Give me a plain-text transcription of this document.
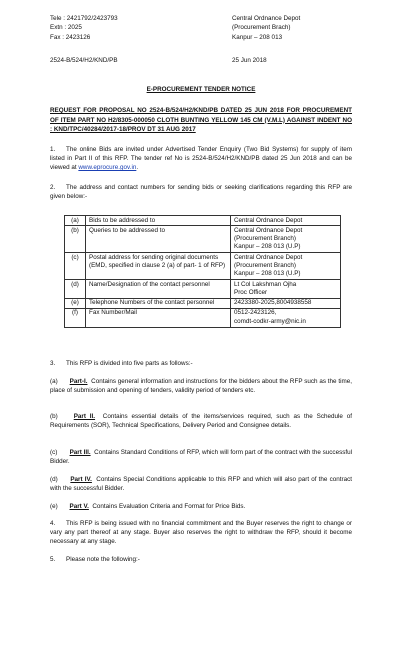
Tele : 2421792/2423793
Extn : 2025
Fax : 2423126
Central Ordnance Depot
(Procurement Brach)
Kanpur – 208 013
2524-B/524/H2/KND/PB	25 Jun 2018
E-PROCUREMENT TENDER NOTICE
REQUEST FOR PROPOSAL NO 2524-B/524/H2/KND/PB DATED 25 JUN 2018 FOR PROCUREMENT OF ITEM PART NO H2/8305-000050 CLOTH BUNTING YELLOW 145 CM (V.M.L) AGAINST INDENT NO : KND/TPC/40284/2017-18/PROV DT 31 AUG 2017
1. The online Bids are invited under Advertised Tender Enquiry (Two Bid Systems) for supply of item listed in Part II of this RFP. The tender ref No is 2524-B/524/H2/KND/PB dated 25 Jun 2018 and can be viewed at www.eprocure.gov.in.
2. The address and contact numbers for sending bids or seeking clarifications regarding this RFP are given below:-
(a)	Bids to be addressed to	Central Ordnance Depot

(b)	Queries to be addressed to	Central Ordnance Depot
(Procurement Branch)
Kanpur – 208 013 (U.P)

(c)	Postal address for sending original documents (EMD, specified in clause 2 (a) of part- 1 of RFP)	Central Ordnance Depot
(Procurement Branch)
Kanpur – 208 013 (U.P)

(d)	Name/Designation of the contact personnel	Lt Col Lakshman Ojha
Proc Officer

(e)	Telephone Numbers of the contact personnel	2423380-2025,8004938558

(f)	Fax Number/Mail	0512-2423126,
comdt-codkr-army@nic.in
3. This RFP is divided into five parts as follows:-
(a) Part-I. Contains general information and instructions for the bidders about the RFP such as the time, place of submission and opening of tenders, validity period of tenders etc.
(b)	Part II. Contains essential details of the items/services required, such as the Schedule of Requirements (SOR), Technical Specifications, Delivery Period and Consignee details.
(c) Part III. Contains Standard Conditions of RFP, which will form part of the contract with the successful Bidder.
(d) Part IV. Contains Special Conditions applicable to this RFP and which will also part of the contract with the successful Bidder.
(e) Part V. Contains Evaluation Criteria and Format for Price Bids.
4. This RFP is being issued with no financial commitment and the Buyer reserves the right to change or vary any part thereof at any stage. Buyer also reserves the right to withdraw the RFP, should it become necessary at any stage.
5. Please note the following:-
